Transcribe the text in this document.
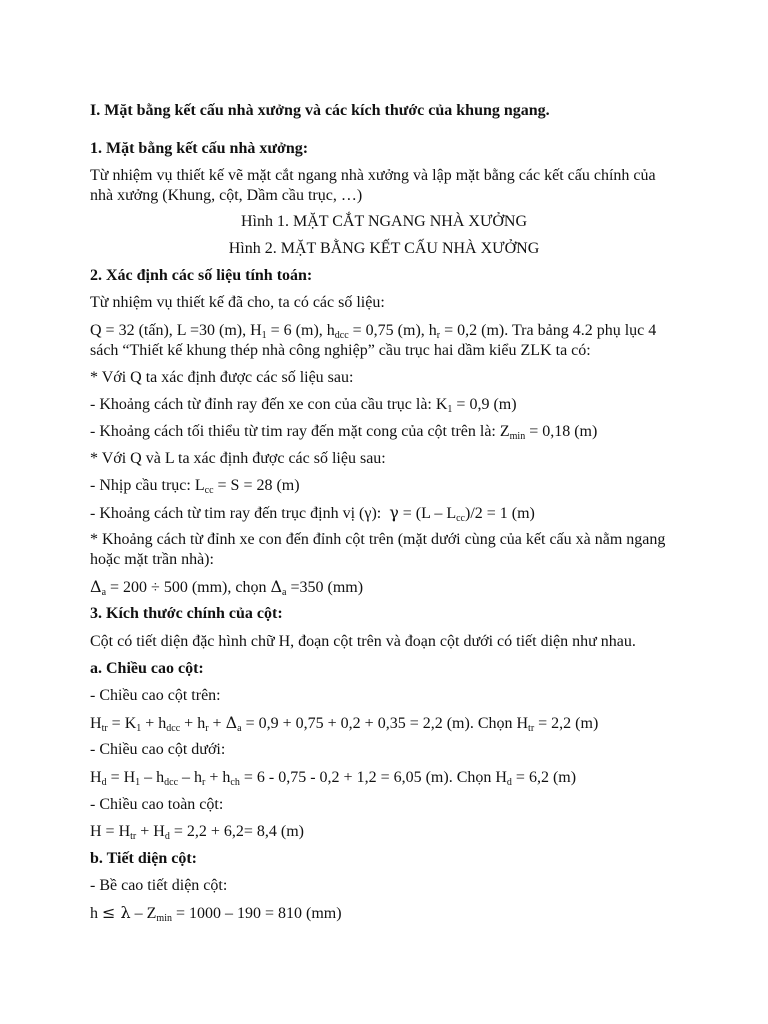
I. Mặt bằng kết cấu nhà xưởng và các kích thước của khung ngang.

1. Mặt bằng kết cấu nhà xưởng:

Từ nhiệm vụ thiết kế vẽ mặt cắt ngang nhà xưởng và lập mặt bằng các kết cấu chính của

nhà xưởng (Khung, cột, Dầm cầu trục, …)

Hình 1. MẶT CẮT NGANG NHÀ XƯỞNG

Hình 2. MẶT BẰNG KẾT CẤU NHÀ XƯỞNG

2. Xác định các số liệu tính toán:

Từ nhiệm vụ thiết kế đã cho, ta có các số liệu:

Q = 32 (tấn), L =30 (m), $H_1 = 6$ (m), $h_{dcc} = 0,75$ (m), $h_r = 0,2$ (m). Tra bảng 4.2 phụ lục 4

sách “Thiết kế khung thép nhà công nghiệp” cầu trục hai dầm kiểu ZLK ta có:

* Với Q ta xác định được các số liệu sau:

- Khoảng cách từ đỉnh ray đến xe con của cầu trục là: $K_1 = 0,9$ (m)

- Khoảng cách tối thiểu từ tim ray đến mặt cong của cột trên là: $Z_{min} = 0,18$ (m)

* Với Q và L ta xác định được các số liệu sau:

- Nhịp cầu trục: $L_{cc} = S = 28$ (m)

- Khoảng cách từ tim ray đến trục định vị (γ): $\gamma = (L - L_{cc})/2 = 1$ (m)

* Khoảng cách từ đỉnh xe con đến đỉnh cột trên (mặt dưới cùng của kết cấu xà nằm ngang

hoặc mặt trần nhà):

$\Delta_a = 200 \div 500$ (mm), chọn $\Delta_a =350$ (mm)

3. Kích thước chính của cột:

Cột có tiết diện đặc hình chữ H, đoạn cột trên và đoạn cột dưới có tiết diện như nhau.

a. Chiều cao cột:

- Chiều cao cột trên:

$H_{tr} = K_1 + h_{dcc} + h_r + \Delta_a = 0,9 + 0,75 + 0,2 + 0,35 = 2,2$ (m). Chọn $H_{tr} = 2,2$ (m)

- Chiều cao cột dưới:

$H_d = H_1 - h_{dcc} - h_r + h_{ch} = 6 - 0,75 - 0,2 + 1,2 = 6,05$ (m). Chọn $H_d = 6,2$ (m)

- Chiều cao toàn cột:

$H = H_{tr} + H_d = 2,2 + 6,2= 8,4$ (m)

b. Tiết diện cột:

- Bề cao tiết diện cột:

$h \le \lambda - Z_{min} = 1000 - 190 = 810$ (mm)
